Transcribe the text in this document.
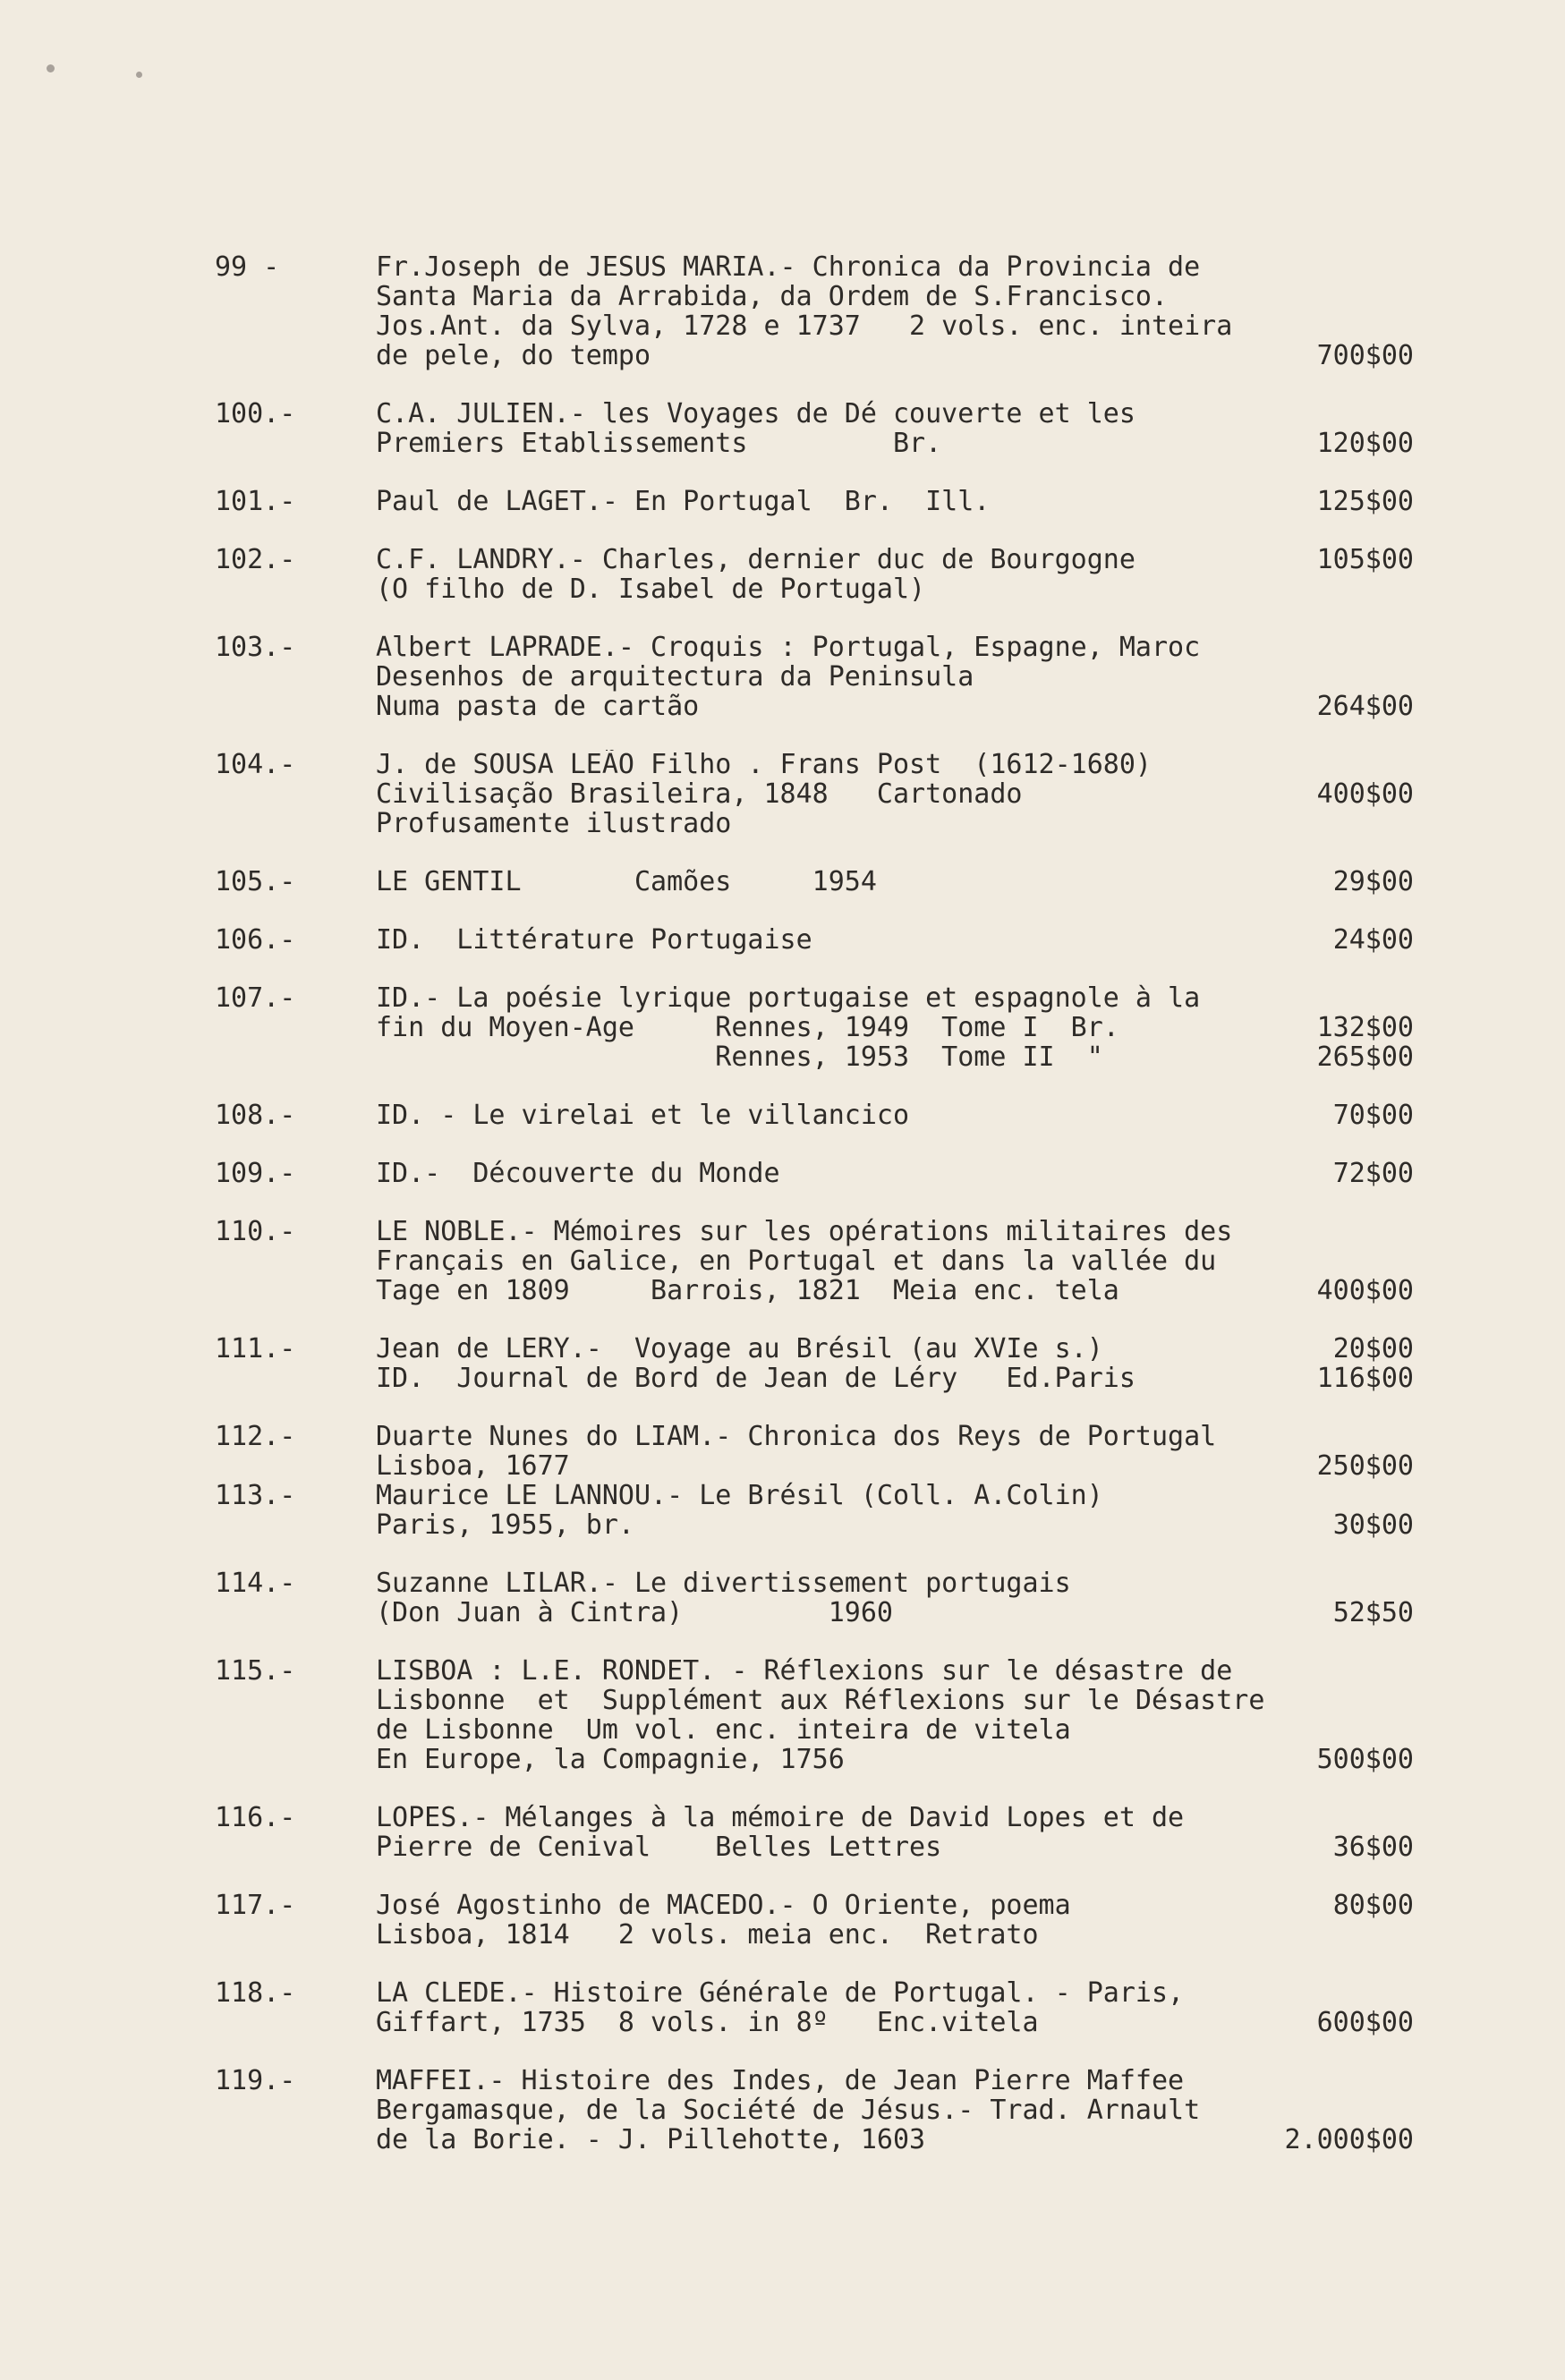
99 -	Fr.Joseph de JESUS MARIA.- Chronica da Provincia de
Santa Maria da Arrabida, da Ordem de S.Francisco.
Jos.Ant. da Sylva, 1728 e 1737   2 vols. enc. inteira
de pele, do tempo	700$00
100.-	C.A. JULIEN.- les Voyages de Dé couverte et les
Premiers Etablissements         Br.	120$00
101.-	Paul de LAGET.- En Portugal  Br.  Ill.	125$00
102.-	C.F. LANDRY.- Charles, dernier duc de Bourgogne	105$00
(O filho de D. Isabel de Portugal)
103.-	Albert LAPRADE.- Croquis : Portugal, Espagne, Maroc
Desenhos de arquitectura da Peninsula
Numa pasta de cartão	264$00
104.-	J. de SOUSA LEÃO Filho . Frans Post  (1612-1680)
Civilisação Brasileira, 1848   Cartonado	400$00
Profusamente ilustrado
105.-	LE GENTIL       Camões     1954	29$00
106.-	ID.  Littérature Portugaise	24$00
107.-	ID.- La poésie lyrique portugaise et espagnole à la
fin du Moyen-Age     Rennes, 1949  Tome I  Br.	132$00
Rennes, 1953  Tome II  "	265$00
108.-	ID. - Le virelai et le villancico	70$00
109.-	ID.-  Découverte du Monde	72$00
110.-	LE NOBLE.- Mémoires sur les opérations militaires des
Français en Galice, en Portugal et dans la vallée du
Tage en 1809     Barrois, 1821  Meia enc. tela	400$00
111.-	Jean de LERY.-  Voyage au Brésil (au XVIe s.)	20$00
ID.  Journal de Bord de Jean de Léry   Ed.Paris	116$00
112.-	Duarte Nunes do LIAM.- Chronica dos Reys de Portugal
Lisboa, 1677	250$00
113.-	Maurice LE LANNOU.- Le Brésil (Coll. A.Colin)
Paris, 1955, br.	30$00
114.-	Suzanne LILAR.- Le divertissement portugais
(Don Juan à Cintra)         1960	52$50
115.-	LISBOA : L.E. RONDET. - Réflexions sur le désastre de
Lisbonne  et  Supplément aux Réflexions sur le Désastre
de Lisbonne  Um vol. enc. inteira de vitela
En Europe, la Compagnie, 1756	500$00
116.-	LOPES.- Mélanges à la mémoire de David Lopes et de
Pierre de Cenival    Belles Lettres	36$00
117.-	José Agostinho de MACEDO.- O Oriente, poema	80$00
Lisboa, 1814   2 vols. meia enc.  Retrato
118.-	LA CLEDE.- Histoire Générale de Portugal. - Paris,
Giffart, 1735  8 vols. in 8º   Enc.vitela	600$00
119.-	MAFFEI.- Histoire des Indes, de Jean Pierre Maffee
Bergamasque, de la Société de Jésus.- Trad. Arnault
de la Borie. - J. Pillehotte, 1603	2.000$00
